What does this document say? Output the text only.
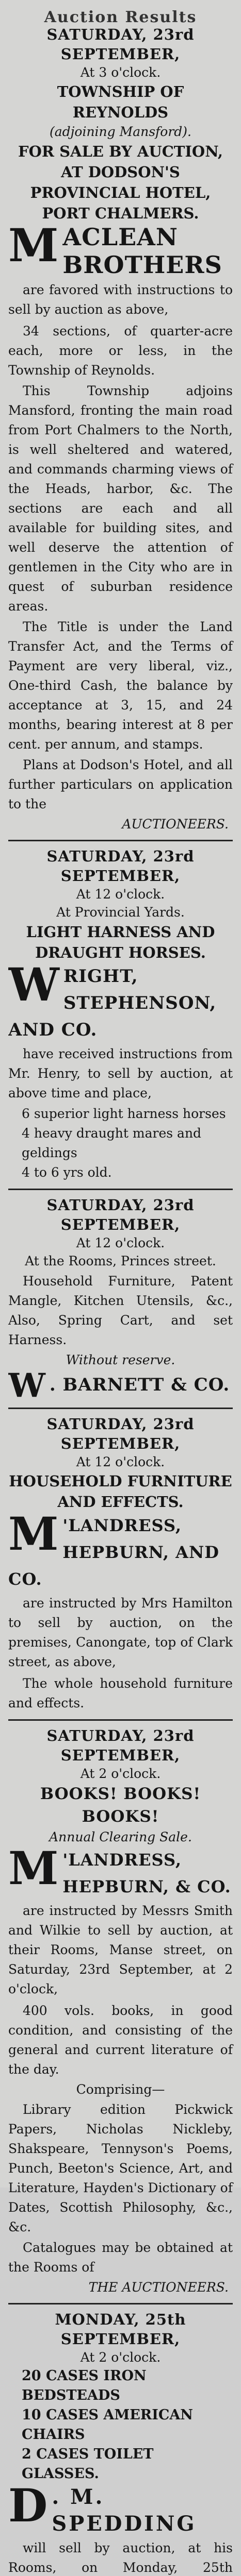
Auction Results
SATURDAY, 23rd SEPTEMBER,
At 3 o'clock.
TOWNSHIP OF REYNOLDS
(adjoining Mansford).
FOR SALE BY AUCTION,
AT DODSON'S PROVINCIAL HOTEL,
PORT CHALMERS.
M ACLEAN BROTHERS
are favored with instructions to sell by auction as above,
34 sections, of quarter-acre each, more or less, in the Township of Reynolds.
This Township adjoins Mansford, fronting the main road from Port Chalmers to the North, is well sheltered and watered, and commands charming views of the Heads, harbor, &c. The sections are each and all available for building sites, and well deserve the attention of gentlemen in the City who are in quest of suburban residence areas.
The Title is under the Land Transfer Act, and the Terms of Payment are very liberal, viz., One-third Cash, the balance by acceptance at 3, 15, and 24 months, bearing interest at 8 per cent. per annum, and stamps.
Plans at Dodson's Hotel, and all further particulars on application to the
AUCTIONEERS.
SATURDAY, 23rd SEPTEMBER,
At 12 o'clock.
At Provincial Yards.
LIGHT HARNESS AND DRAUGHT HORSES.
W RIGHT, STEPHENSON, AND CO.
have received instructions from Mr. Henry, to sell by auction, at above time and place,
6 superior light harness horses
4 heavy draught mares and geldings
4 to 6 yrs old.
SATURDAY, 23rd SEPTEMBER,
At 12 o'clock.
At the Rooms, Princes street.
Household Furniture, Patent Mangle, Kitchen Utensils, &c., Also, Spring Cart, and set Harness.
Without reserve.
W . BARNETT & CO.
SATURDAY, 23rd SEPTEMBER,
At 12 o'clock.
HOUSEHOLD FURNITURE AND EFFECTS.
M 'LANDRESS, HEPBURN, AND CO.
are instructed by Mrs Hamilton to sell by auction, on the premises, Canongate, top of Clark street, as above,
The whole household furniture and effects.
SATURDAY, 23rd SEPTEMBER,
At 2 o'clock.
BOOKS! BOOKS! BOOKS!
Annual Clearing Sale.
M 'LANDRESS, HEPBURN, & CO.
are instructed by Messrs Smith and Wilkie to sell by auction, at their Rooms, Manse street, on Saturday, 23rd September, at 2 o'clock,
400 vols. books, in good condition, and consisting of the general and current literature of the day.
Comprising—
Library edition Pickwick Papers, Nicholas Nickleby, Shakspeare, Tennyson's Poems, Punch, Beeton's Science, Art, and Literature, Hayden's Dictionary of Dates, Scottish Philosophy, &c., &c.
Catalogues may be obtained at the Rooms of
THE AUCTIONEERS.
MONDAY, 25th SEPTEMBER,
At 2 o'clock.
20 CASES IRON BEDSTEADS
10 CASES AMERICAN CHAIRS
2 CASES TOILET GLASSES.
D . M. SPEDDING
will sell by auction, at his Rooms, on Monday, 25th
